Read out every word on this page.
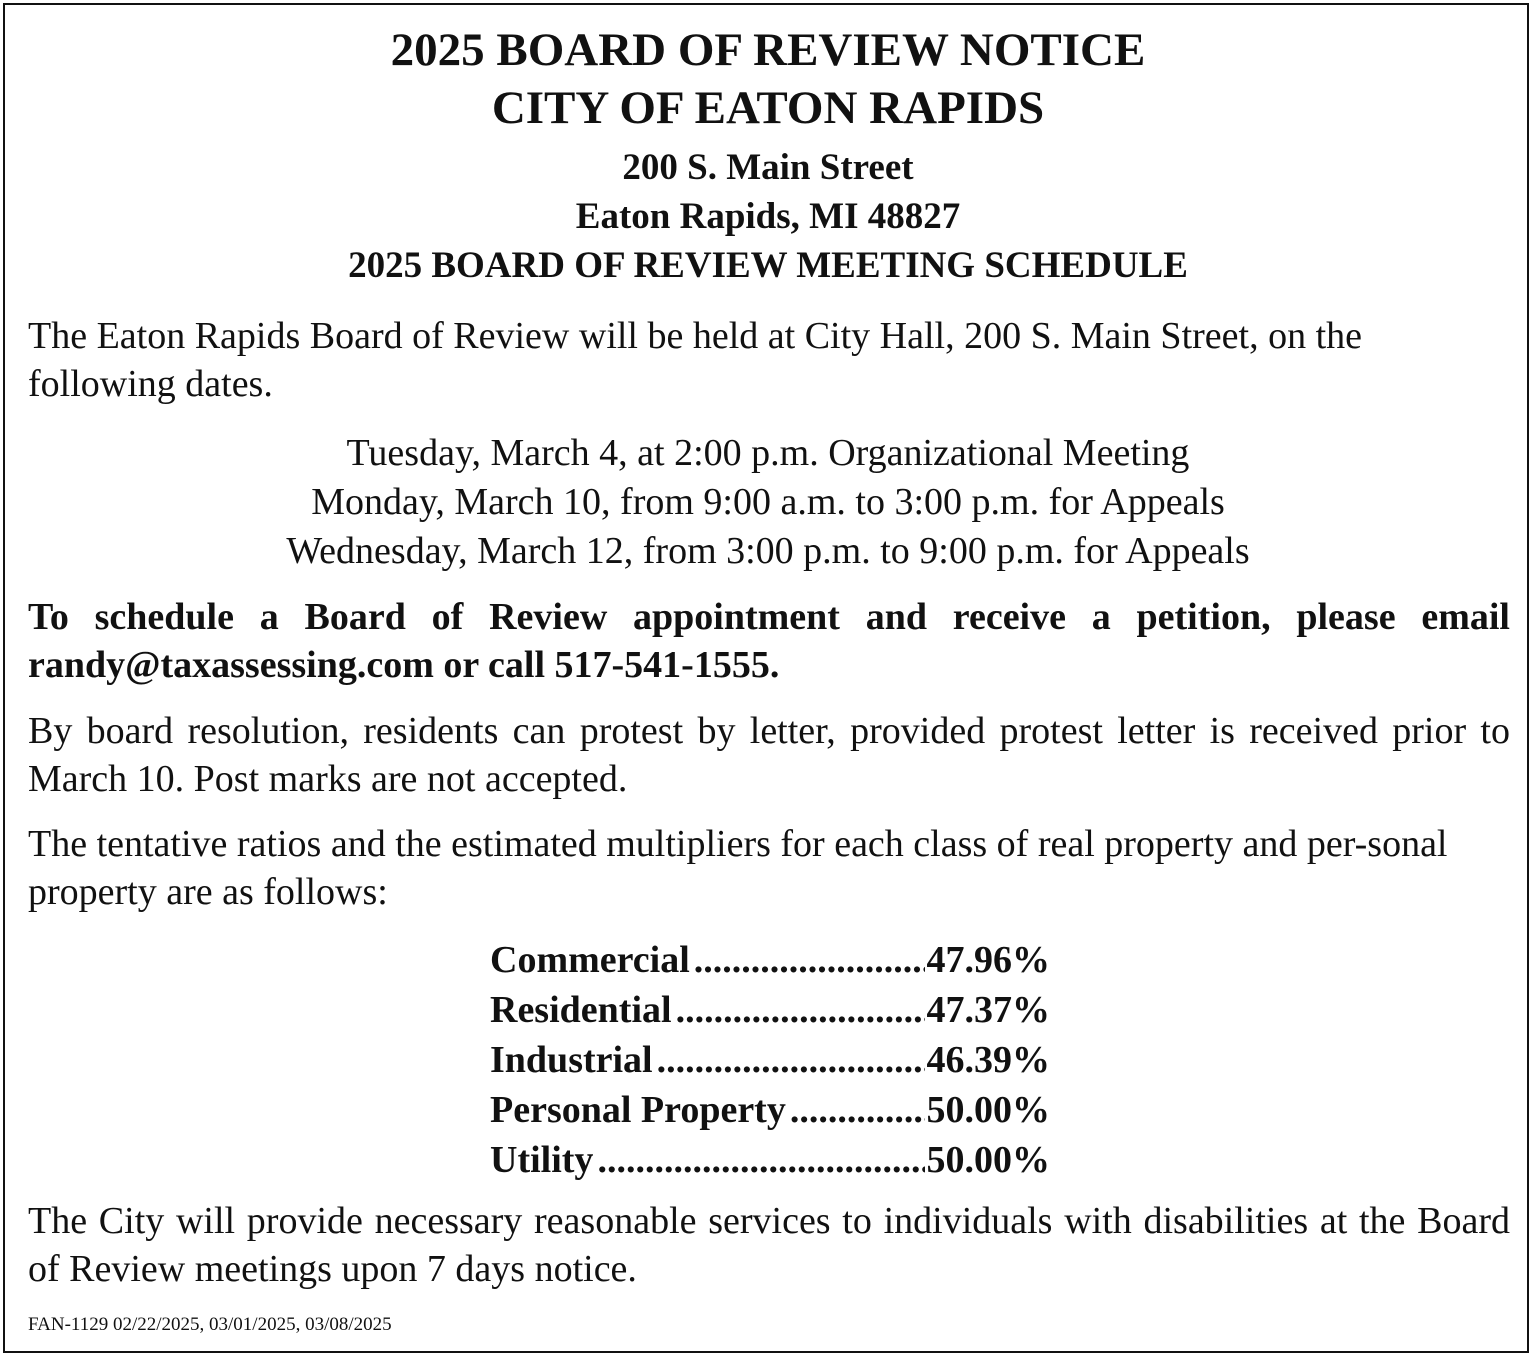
2025 BOARD OF REVIEW NOTICE
CITY OF EATON RAPIDS
200 S. Main Street
Eaton Rapids, MI 48827
2025 BOARD OF REVIEW MEETING SCHEDULE
The Eaton Rapids Board of Review will be held at City Hall, 200 S. Main Street, on the following dates.
Tuesday, March 4, at 2:00 p.m. Organizational Meeting
Monday, March 10, from 9:00 a.m. to 3:00 p.m. for Appeals
Wednesday, March 12, from 3:00 p.m. to 9:00 p.m. for Appeals
To schedule a Board of Review appointment and receive a petition, please email randy@taxassessing.com or call 517-541-1555.
By board resolution, residents can protest by letter, provided protest letter is received prior to March 10. Post marks are not accepted.
The tentative ratios and the estimated multipliers for each class of real property and per-sonal property are as follows:
Commercial .....	47.96%
Residential .....	47.37%
Industrial .....	46.39%
Personal Property .....	50.00%
Utility .....	50.00%
The City will provide necessary reasonable services to individuals with disabilities at the Board of Review meetings upon 7 days notice.
FAN-1129 02/22/2025, 03/01/2025, 03/08/2025
